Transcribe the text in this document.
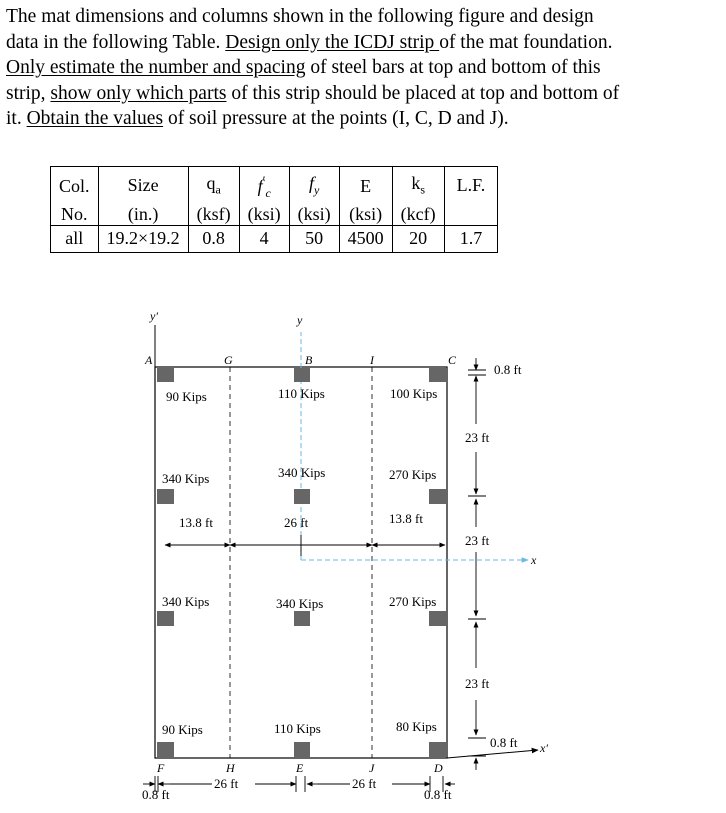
The mat dimensions and columns shown in the following figure and design
data in the following Table. Design only the ICDJ strip of the mat foundation.
Only estimate the number and spacing of steel bars at top and bottom of this
strip, show only which parts of this strip should be placed at top and bottom of
it. Obtain the values of soil pressure at the points (I, C, D and J).
Col.	Size	$q_a$	$f'_c$	$f_y$	E	$k_s$	L.F.
No.	(in.)	(ksf)	(ksi)	(ksi)	(ksi)	(kcf)	
all	19.2×19.2	0.8	4	50	4500	20	1.7
y′	y
x
x′
A	G	B	I	C
F	H	E	J	D
90 Kips	110 Kips	100 Kips
340 Kips	340 Kips	270 Kips
340 Kips	340 Kips	270 Kips
90 Kips	110 Kips	80 Kips
13.8 ft	26 ft	13.8 ft
0.8 ft
23 ft
23 ft
23 ft
0.8 ft
0.8 ft
26 ft	26 ft
0.8 ft
